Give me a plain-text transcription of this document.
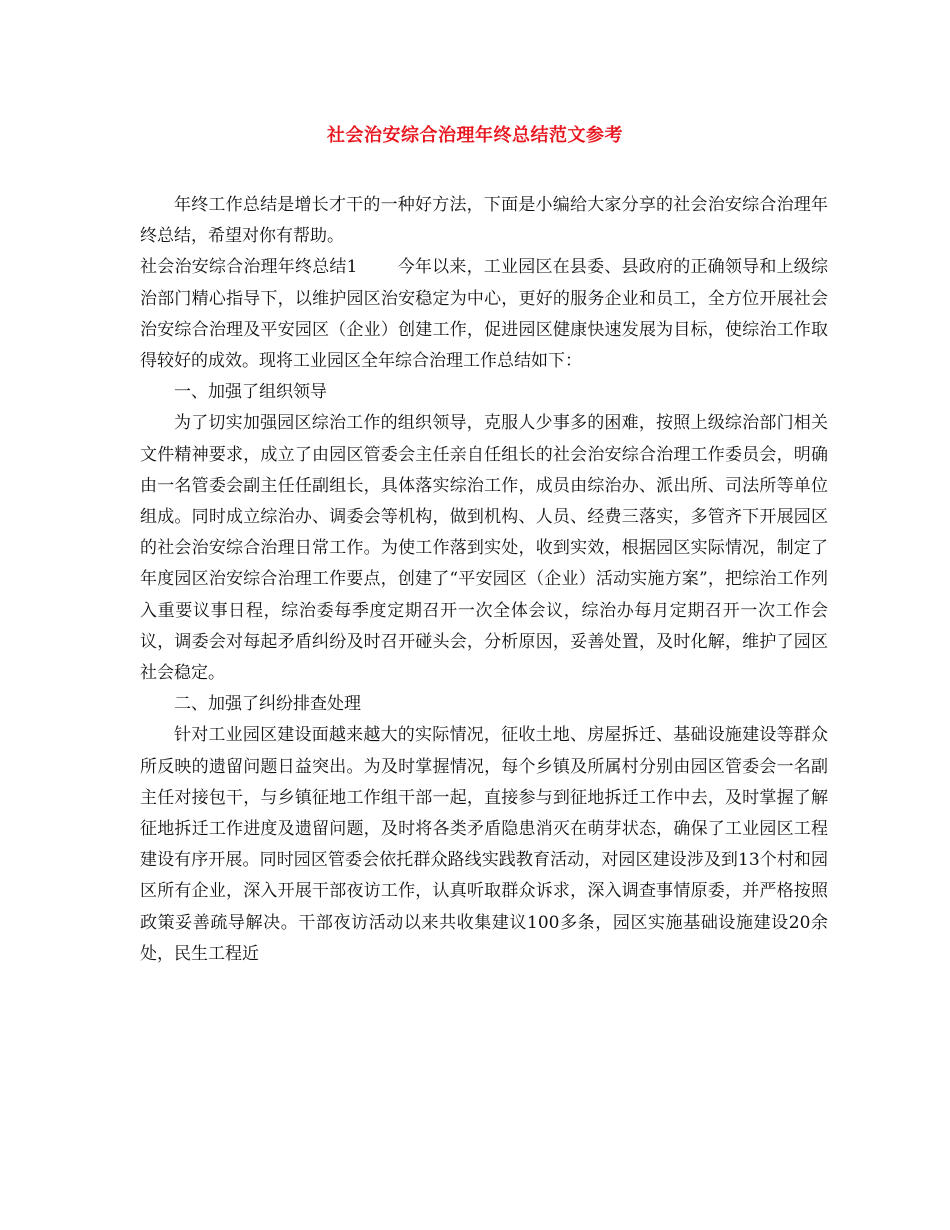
社会治安综合治理年终总结范文参考

年终工作总结是增长才干的一种好方法，下面是小编给大家分享的社会治安综合治理年终总结，希望对你有帮助。

社会治安综合治理年终总结1 今年以来，工业园区在县委、县政府的正确领导和上级综治部门精心指导下，以维护园区治安稳定为中心，更好的服务企业和员工，全方位开展社会治安综合治理及平安园区（企业）创建工作，促进园区健康快速发展为目标，使综治工作取得较好的成效。现将工业园区全年综合治理工作总结如下：

一、加强了组织领导

为了切实加强园区综治工作的组织领导，克服人少事多的困难，按照上级综治部门相关文件精神要求，成立了由园区管委会主任亲自任组长的社会治安综合治理工作委员会，明确由一名管委会副主任任副组长，具体落实综治工作，成员由综治办、派出所、司法所等单位组成。同时成立综治办、调委会等机构，做到机构、人员、经费三落实，多管齐下开展园区的社会治安综合治理日常工作。为使工作落到实处，收到实效，根据园区实际情况，制定了年度园区治安综合治理工作要点，创建了“平安园区（企业）活动实施方案”，把综治工作列入重要议事日程，综治委每季度定期召开一次全体会议，综治办每月定期召开一次工作会议，调委会对每起矛盾纠纷及时召开碰头会，分析原因，妥善处置，及时化解，维护了园区社会稳定。

二、加强了纠纷排查处理

针对工业园区建设面越来越大的实际情况，征收土地、房屋拆迁、基础设施建设等群众所反映的遗留问题日益突出。为及时掌握情况，每个乡镇及所属村分别由园区管委会一名副主任对接包干，与乡镇征地工作组干部一起，直接参与到征地拆迁工作中去，及时掌握了解征地拆迁工作进度及遗留问题，及时将各类矛盾隐患消灭在萌芽状态，确保了工业园区工程建设有序开展。同时园区管委会依托群众路线实践教育活动，对园区建设涉及到13个村和园区所有企业，深入开展干部夜访工作，认真听取群众诉求，深入调查事情原委，并严格按照政策妥善疏导解决。干部夜访活动以来共收集建议100多条，园区实施基础设施建设20余处，民生工程近
